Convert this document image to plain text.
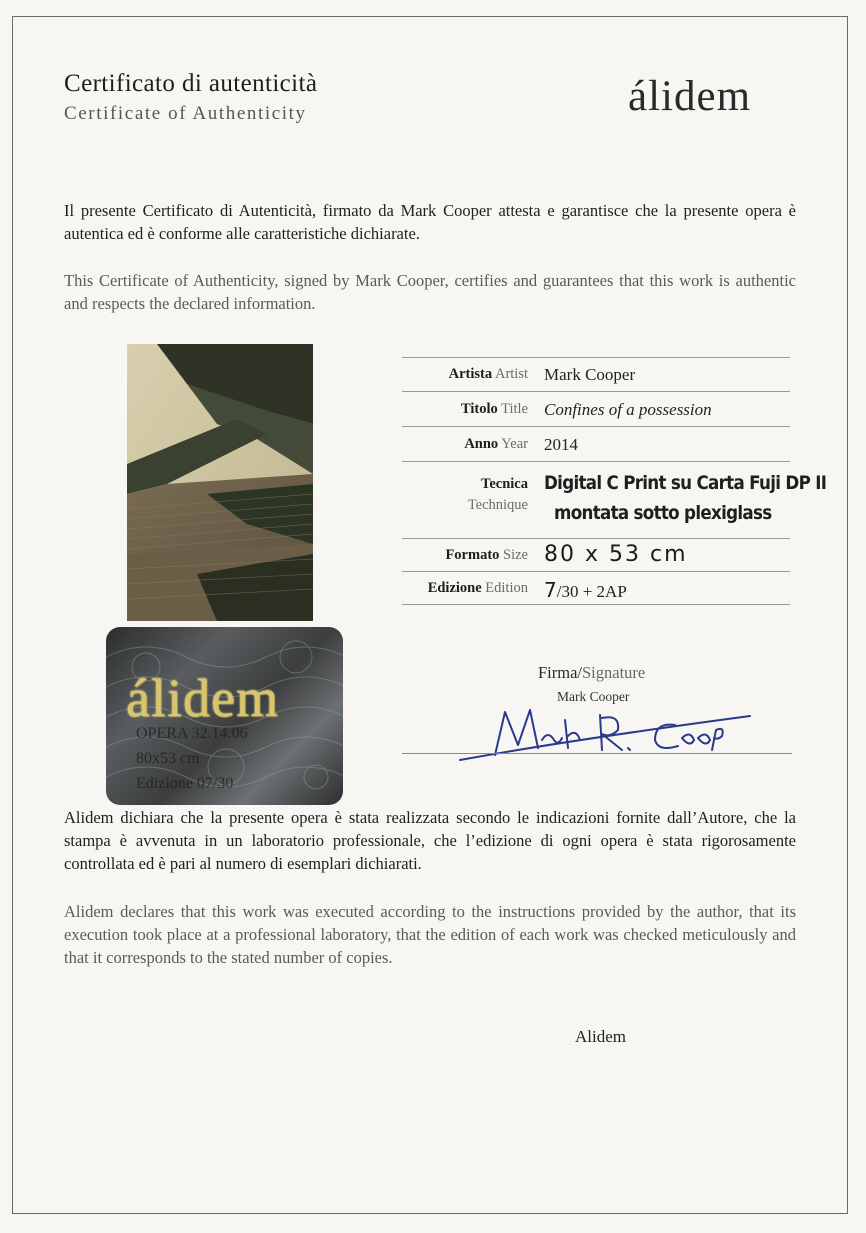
Certificato di autenticità
Certificate of Authenticity	álidem
Il presente Certificato di Autenticità, firmato da Mark Cooper attesta e garantisce che la presente opera è autentica ed è conforme alle caratteristiche dichiarate.
This Certificate of Authenticity, signed by Mark Cooper, certifies and guarantees that this work is authentic and respects the declared information.
álidem
OPERA 32.14.06
80x53 cm
Edizione 07/30
Artista Artist Mark Cooper
Titolo Title Confines of a possession
Anno Year 2014
Tecnica
Technique
Digital C Print su Carta Fuji DP II
montata sotto plexiglass
Formato Size 80 x 53 cm
Edizione Edition 7/30 + 2AP
Firma/Signature
Mark Cooper
Alidem dichiara che la presente opera è stata realizzata secondo le indicazioni fornite dall’Autore, che la stampa è avvenuta in un laboratorio professionale, che l’edizione di ogni opera è stata rigorosamente controllata ed è pari al numero di esemplari dichiarati.
Alidem declares that this work was executed according to the instructions provided by the author, that its execution took place at a professional laboratory, that the edition of each work was checked meticulously and that it corresponds to the stated number of copies.
Alidem
